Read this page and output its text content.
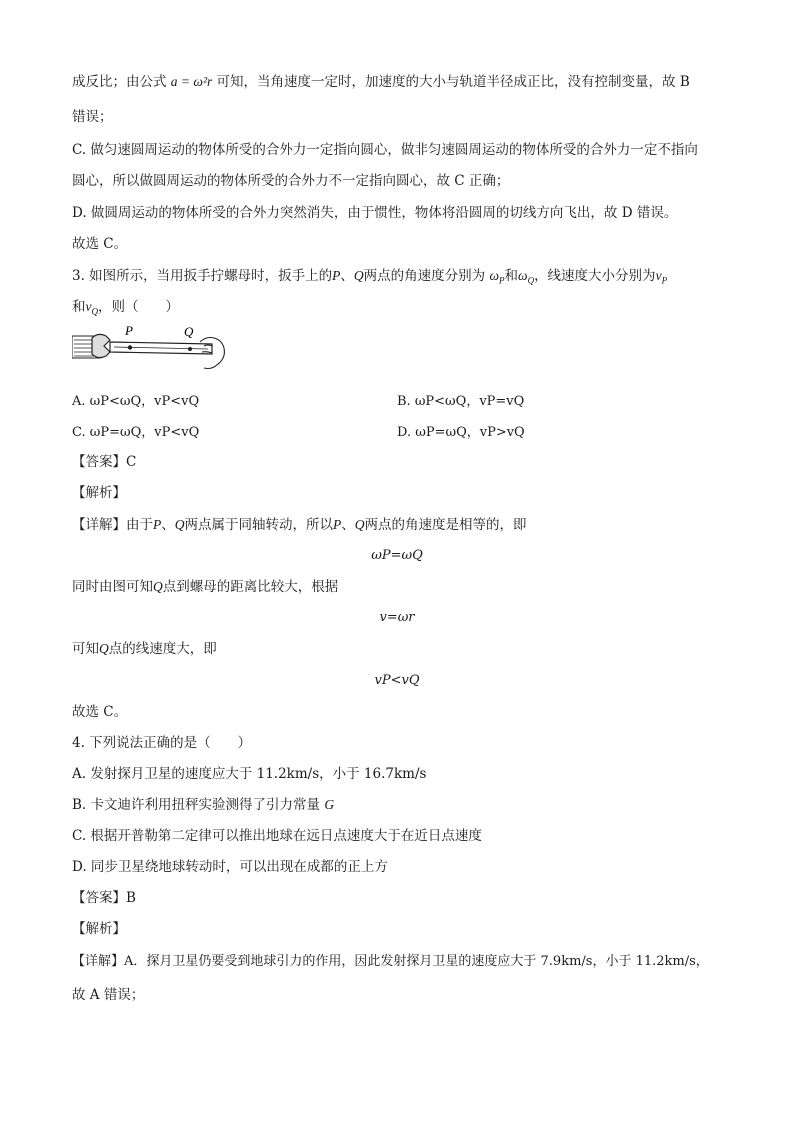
成反比；由公式 a = ω²r 可知，当角速度一定时，加速度的大小与轨道半径成正比，没有控制变量，故 B
错误；
C. 做匀速圆周运动的物体所受的合外力一定指向圆心，做非匀速圆周运动的物体所受的合外力一定不指向
圆心，所以做圆周运动的物体所受的合外力不一定指向圆心，故 C 正确；
D. 做圆周运动的物体所受的合外力突然消失，由于惯性，物体将沿圆周的切线方向飞出，故 D 错误。
故选 C。
3. 如图所示，当用扳手拧螺母时，扳手上的P、Q两点的角速度分别为 $\omega_P$和$\omega_Q$，线速度大小分别为$v_P$
和$v_Q$，则（　　）
P	Q
A. ωP<ωQ，vP<vQ	B. ωP<ωQ，vP=vQ
C. ωP=ωQ，vP<vQ	D. ωP=ωQ，vP>vQ
【答案】C
【解析】
【详解】由于P、Q两点属于同轴转动，所以P、Q两点的角速度是相等的，即
ωP=ωQ
同时由图可知Q点到螺母的距离比较大，根据
v=ωr
可知Q点的线速度大，即
vP<vQ
故选 C。
4. 下列说法正确的是（　　）
A. 发射探月卫星的速度应大于 11.2km/s，小于 16.7km/s
B. 卡文迪许利用扭秤实验测得了引力常量 G
C. 根据开普勒第二定律可以推出地球在远日点速度大于在近日点速度
D. 同步卫星绕地球转动时，可以出现在成都的正上方
【答案】B
【解析】
【详解】A．探月卫星仍要受到地球引力的作用，因此发射探月卫星的速度应大于 7.9km/s，小于 11.2km/s，
故 A 错误；
